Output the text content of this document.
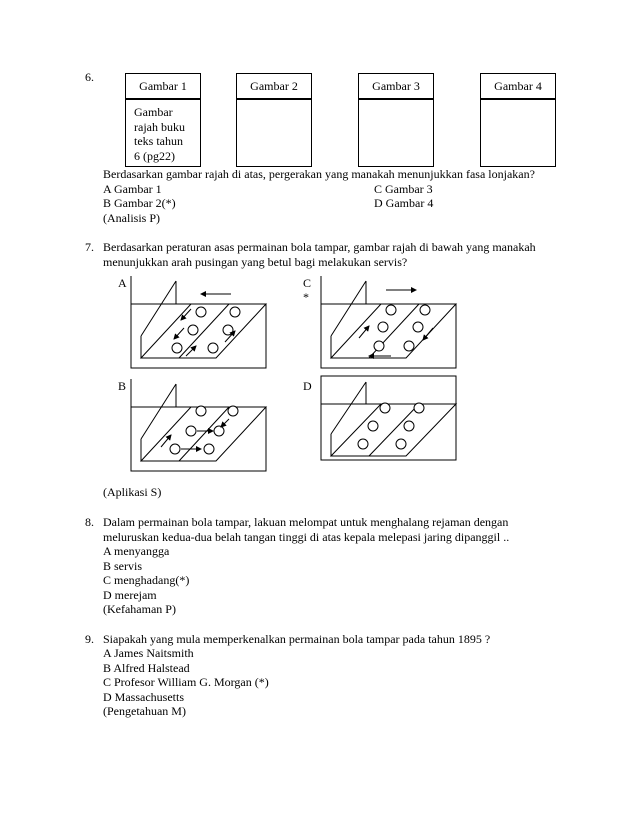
6.
Gambar 1	Gambar 2	Gambar 3	Gambar 4
Gambar
rajah buku
teks tahun
6 (pg22)
Berdasarkan gambar rajah di atas, pergerakan yang manakah menunjukkan fasa lonjakan?
A Gambar 1	C Gambar 3
B Gambar 2(*)	D Gambar 4
(Analisis P)
7. Berdasarkan peraturan asas permainan bola tampar, gambar rajah di bawah yang manakah
menunjukkan arah pusingan yang betul bagi melakukan servis?
A	C
*
B	D
(Aplikasi S)
8. Dalam permainan bola tampar, lakuan melompat untuk menghalang rejaman dengan
meluruskan kedua-dua belah tangan tinggi di atas kepala melepasi jaring dipanggil ..
A menyangga
B servis
C menghadang(*)
D merejam
(Kefahaman P)
9. Siapakah yang mula memperkenalkan permainan bola tampar pada tahun 1895 ?
A James Naitsmith
B Alfred Halstead
C Profesor William G. Morgan (*)
D Massachusetts
(Pengetahuan M)
